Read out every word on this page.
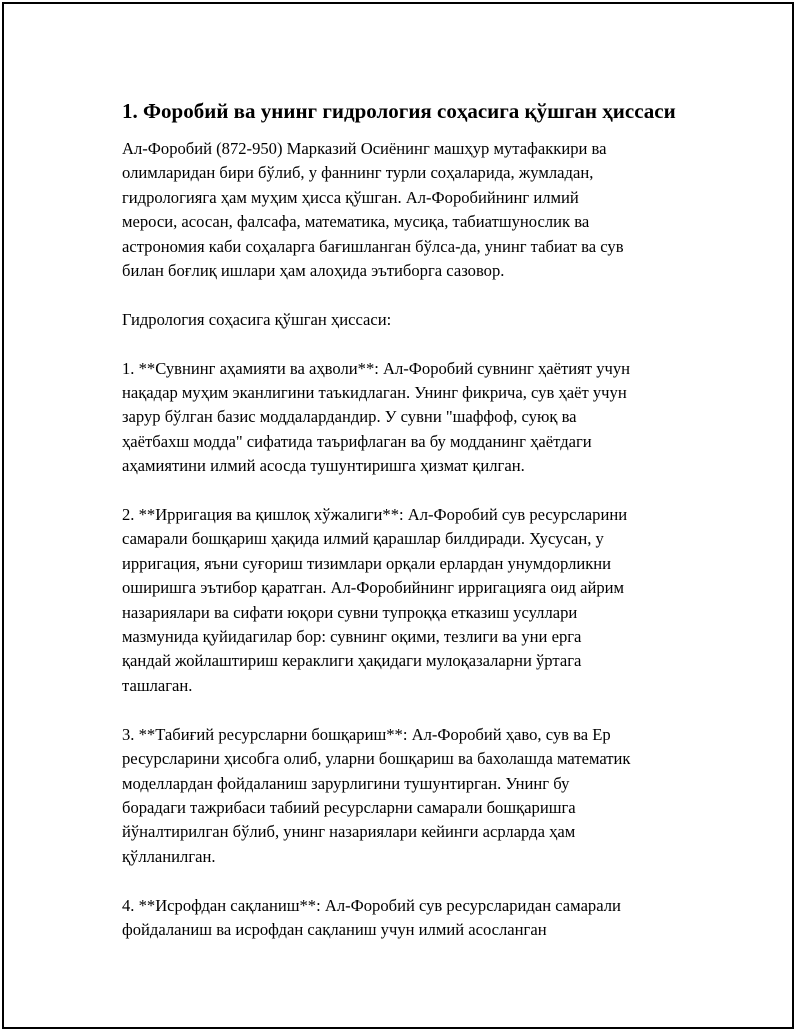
1. Форобий ва унинг гидрология соҳасига қўшган ҳиссаси

Ал-Форобий (872-950) Марказий Осиёнинг машҳур мутафаккири ва
олимларидан бири бўлиб, у фаннинг турли соҳаларида, жумладан,
гидрологияга ҳам муҳим ҳисса қўшган. Ал-Форобийнинг илмий
мероси, асосан, фалсафа, математика, мусиқа, табиатшунослик ва
астрономия каби соҳаларга бағишланган бўлса-да, унинг табиат ва сув
билан боғлиқ ишлари ҳам алоҳида эътиборга сазовор.

Гидрология соҳасига қўшган ҳиссаси:

1. **Сувнинг аҳамияти ва аҳволи**: Ал-Форобий сувнинг ҳаётият учун
нақадар муҳим эканлигини таъкидлаган. Унинг фикрича, сув ҳаёт учун
зарур бўлган базис моддалардандир. У сувни "шаффоф, суюқ ва
ҳаётбахш модда" сифатида таърифлаган ва бу модданинг ҳаётдаги
аҳамиятини илмий асосда тушунтиришга ҳизмат қилган.

2. **Ирригация ва қишлоқ хўжалиги**: Ал-Форобий сув ресурсларини
самарали бошқариш ҳақида илмий қарашлар билдиради. Хусусан, у
ирригация, яъни суғориш тизимлари орқали ерлардан унумдорликни
оширишга эътибор қаратган. Ал-Форобийнинг ирригацияга оид айрим
назариялари ва сифати юқори сувни тупроққа етказиш усуллари
мазмунида қуйидагилар бор: сувнинг оқими, тезлиги ва уни ерга
қандай жойлаштириш кераклиги ҳақидаги мулоқазаларни ўртага
ташлаган.

3. **Табиғий ресурсларни бошқариш**: Ал-Форобий ҳаво, сув ва Ер
ресурсларини ҳисобга олиб, уларни бошқариш ва бахолашда математик
моделлардан фойдаланиш зарурлигини тушунтирган. Унинг бу
борадаги тажрибаси табиий ресурсларни самарали бошқаришга
йўналтирилган бўлиб, унинг назариялари кейинги асрларда ҳам
қўлланилган.

4. **Исрофдан сақланиш**: Ал-Форобий сув ресурсларидан самарали
фойдаланиш ва исрофдан сақланиш учун илмий асосланган
